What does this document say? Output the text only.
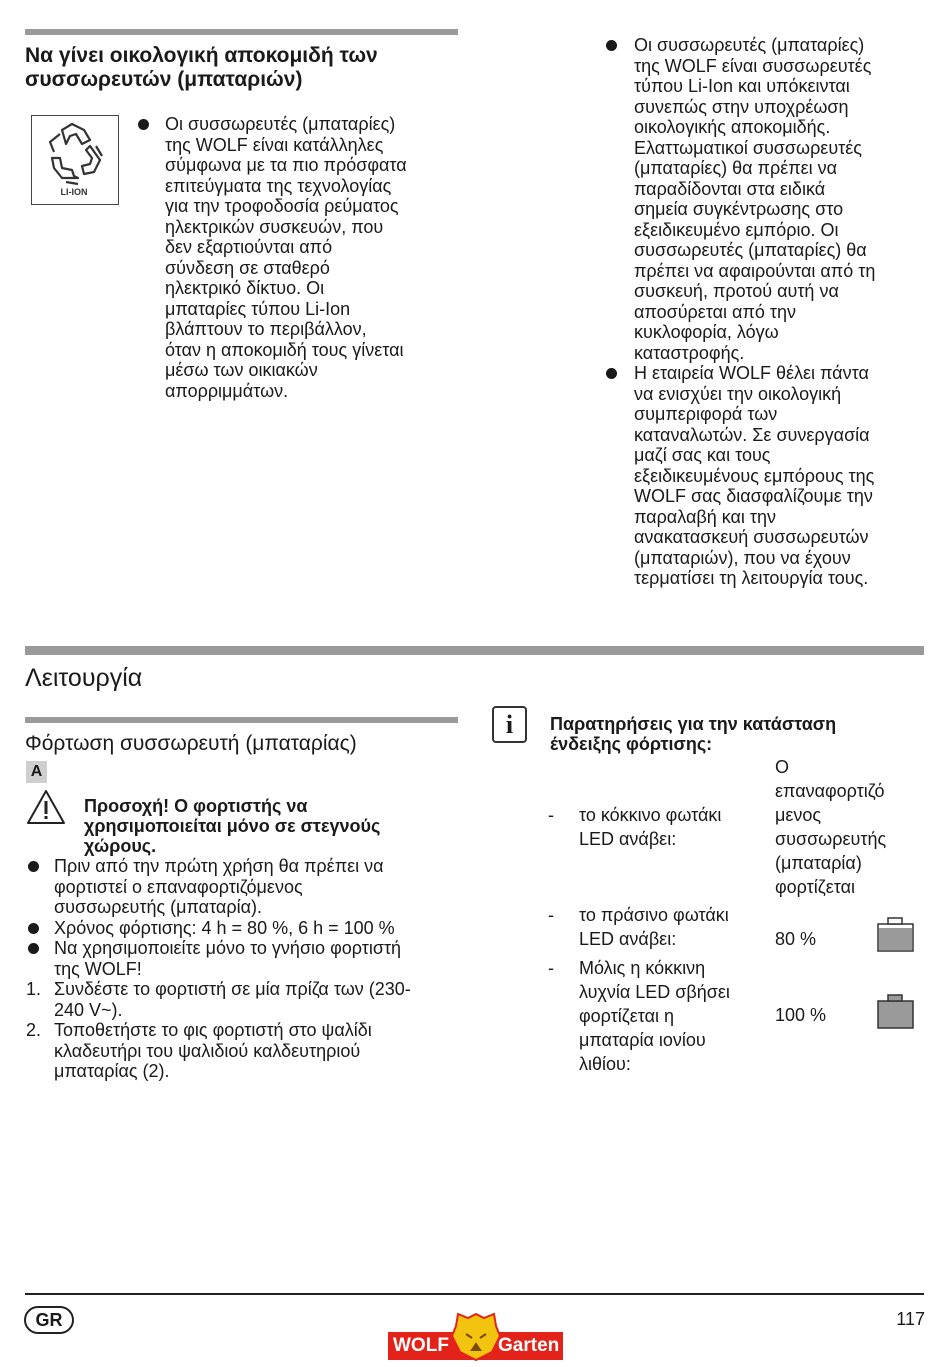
Να γίνει οικολογική αποκομιδή των
συσσωρευτών (μπαταριών)
LI-ION
Οι συσσωρευτές (μπαταρίες)
της WOLF είναι κατάλληλες
σύμφωνα με τα πιο πρόσφατα
επιτεύγματα της τεχνολογίας
για την τροφοδοσία ρεύματος
ηλεκτρικών συσκευών, που
δεν εξαρτιούνται από
σύνδεση σε σταθερό
ηλεκτρικό δίκτυο. Οι
μπαταρίες τύπου Li-Ion
βλάπτουν το περιβάλλον,
όταν η αποκομιδή τους γίνεται
μέσω των οικιακών
απορριμμάτων.
Οι συσσωρευτές (μπαταρίες)
της WOLF είναι συσσωρευτές
τύπου Li-Ion και υπόκεινται
συνεπώς στην υποχρέωση
οικολογικής αποκομιδής.
Ελαττωματικοί συσσωρευτές
(μπαταρίες) θα πρέπει να
παραδίδονται στα ειδικά
σημεία συγκέντρωσης στο
εξειδικευμένο εμπόριο. Οι
συσσωρευτές (μπαταρίες) θα
πρέπει να αφαιρούνται από τη
συσκευή, προτού αυτή να
αποσύρεται από την
κυκλοφορία, λόγω
καταστροφής.
Η εταιρεία WOLF θέλει πάντα
να ενισχύει την οικολογική
συμπεριφορά των
καταναλωτών. Σε συνεργασία
μαζί σας και τους
εξειδικευμένους εμπόρους της
WOLF σας διασφαλίζουμε την
παραλαβή και την
ανακατασκευή συσσωρευτών
(μπαταριών), που να έχουν
τερματίσει τη λειτουργία τους.
Λειτουργία
Φόρτωση συσσωρευτή (μπαταρίας)
A
Προσοχή! Ο φορτιστής να
χρησιμοποιείται μόνο σε στεγνούς
χώρους.
Πριν από την πρώτη χρήση θα πρέπει να
φορτιστεί ο επαναφορτιζόμενος
συσσωρευτής (μπαταρία).
Χρόνος φόρτισης: 4 h = 80 %, 6 h = 100 %
Να χρησιμοποιείτε μόνο το γνήσιο φορτιστή
της WOLF!
1. Συνδέστε το φορτιστή σε μία πρίζα των (230-
240 V~).
2. Τοποθετήστε το φις φορτιστή στο ψαλίδι
κλαδευτήρι του ψαλιδιού καλδευτηριού
μπαταρίας (2).
i	Παρατηρήσεις για την κατάσταση
ένδειξης φόρτισης:
- το κόκκινο φωτάκι
LED ανάβει:
Ο
επαναφορτιζό
μενος
συσσωρευτής
(μπαταρία)
φορτίζεται
- το πράσινο φωτάκι
LED ανάβει:	80 %
- Μόλις η κόκκινη
λυχνία LED σβήσει
φορτίζεται η
μπαταρία ιονίου
λιθίου:
100 %
GR	117
WOLF	Garten
